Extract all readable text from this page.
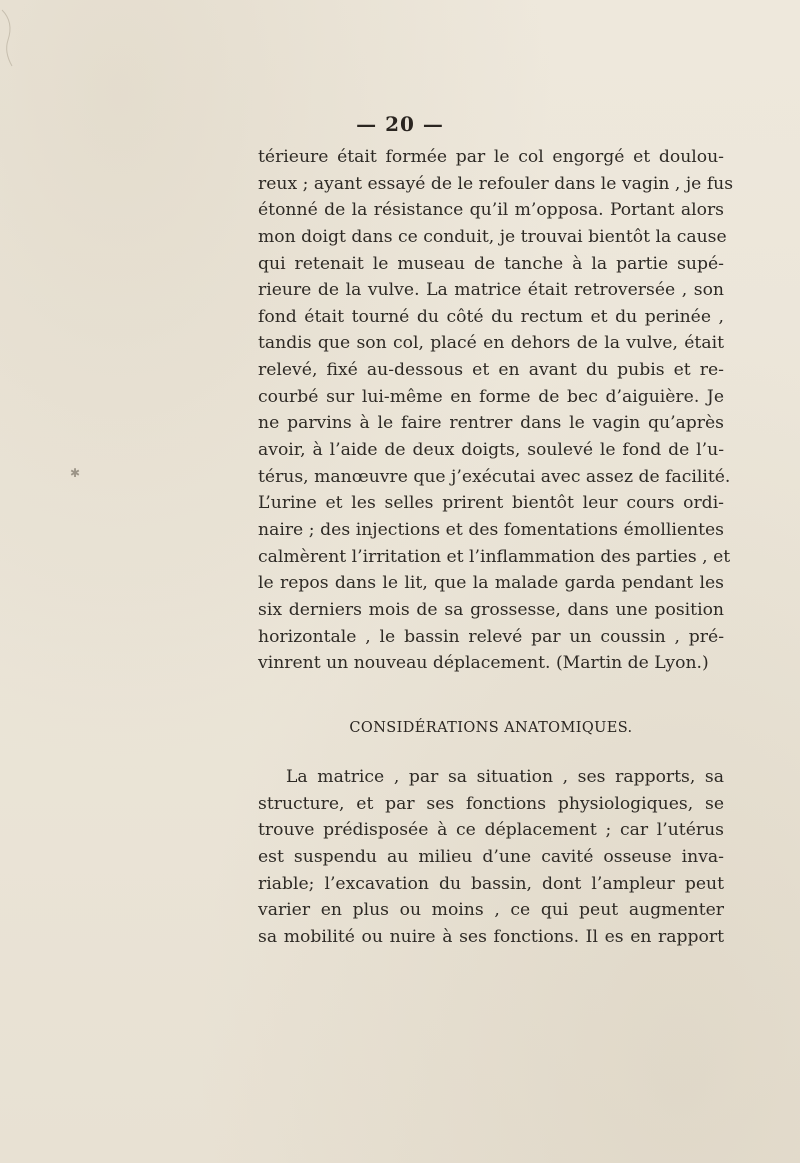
✱
— 20 —
térieure était formée par le col engorgé et doulou-
reux ; ayant essayé de le refouler dans le vagin , je fus
étonné de la résistance qu’il m’opposa. Portant alors
mon doigt dans ce conduit, je trouvai bientôt la cause
qui retenait le museau de tanche à la partie supé-
rieure de la vulve. La matrice était retroversée , son
fond était tourné du côté du rectum et du perinée ,
tandis que son col, placé en dehors de la vulve, était
relevé, fixé au-dessous et en avant du pubis et re-
courbé sur lui-même en forme de bec d’aiguière. Je
ne parvins à le faire rentrer dans le vagin qu’après
avoir, à l’aide de deux doigts, soulevé le fond de l’u-
térus, manœuvre que j’exécutai avec assez de facilité.
L’urine et les selles prirent bientôt leur cours ordi-
naire ; des injections et des fomentations émollientes
calmèrent l’irritation et l’inflammation des parties , et
le repos dans le lit, que la malade garda pendant les
six derniers mois de sa grossesse, dans une position
horizontale , le bassin relevé par un coussin , pré-
vinrent un nouveau déplacement. (Martin de Lyon.)
CONSIDÉRATIONS ANATOMIQUES.
La matrice , par sa situation , ses rapports, sa
structure, et par ses fonctions physiologiques, se
trouve prédisposée à ce déplacement ; car l’utérus
est suspendu au milieu d’une cavité osseuse inva-
riable; l’excavation du bassin, dont l’ampleur peut
varier en plus ou moins , ce qui peut augmenter
sa mobilité ou nuire à ses fonctions. Il es en rapport
